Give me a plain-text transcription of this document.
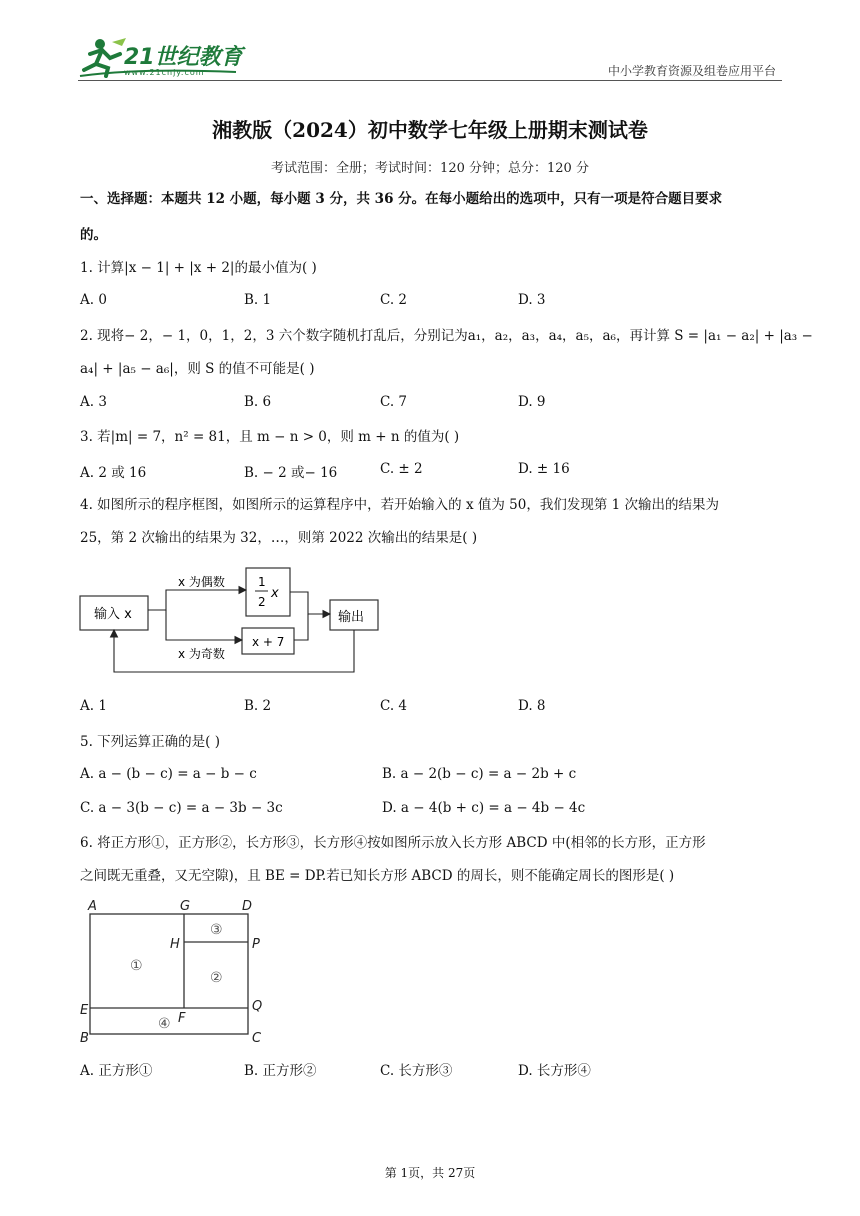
21世纪教育
www.21cnjy.com	中小学教育资源及组卷应用平台
湘教版（2024）初中数学七年级上册期末测试卷
考试范围：全册；考试时间：120 分钟；总分：120 分
一、选择题：本题共 12 小题，每小题 3 分，共 36 分。在每小题给出的选项中，只有一项是符合题目要求
的。
1. 计算|x − 1| + |x + 2|的最小值为( )
A. 0	B. 1	C. 2	D. 3
2. 现将− 2，− 1，0，1，2，3 六个数字随机打乱后，分别记为a₁，a₂，a₃，a₄，a₅，a₆，再计算 S = |a₁ − a₂| + |a₃ −
a₄| + |a₅ − a₆|，则 S 的值不可能是( )
A. 3	B. 6	C. 7	D. 9
3. 若|m| = 7，n² = 81，且 m − n > 0，则 m + n 的值为( )
A. 2 或 16	B. − 2 或− 16	C. ± 2	D. ± 16
4. 如图所示的程序框图，如图所示的运算程序中，若开始输入的 x 值为 50，我们发现第 1 次输出的结果为
25，第 2 次输出的结果为 32，…，则第 2022 次输出的结果是( )
输入 x
1
2
x
x + 7
输出
x 为偶数
x 为奇数
A. 1	B. 2	C. 4	D. 8
5. 下列运算正确的是( )
A. a − (b − c) = a − b − c	B. a − 2(b − c) = a − 2b + c
C. a − 3(b − c) = a − 3b − 3c	D. a − 4(b + c) = a − 4b − 4c
6. 将正方形①，正方形②，长方形③，长方形④按如图所示放入长方形 ABCD 中(相邻的长方形，正方形
之间既无重叠，又无空隙)，且 BE = DP.若已知长方形 ABCD 的周长，则不能确定周长的图形是( )
A	G	D
H	P
E	Q
F
B	C
①
②
③
④
A. 正方形①	B. 正方形②	C. 长方形③	D. 长方形④
第 1页，共 27页
